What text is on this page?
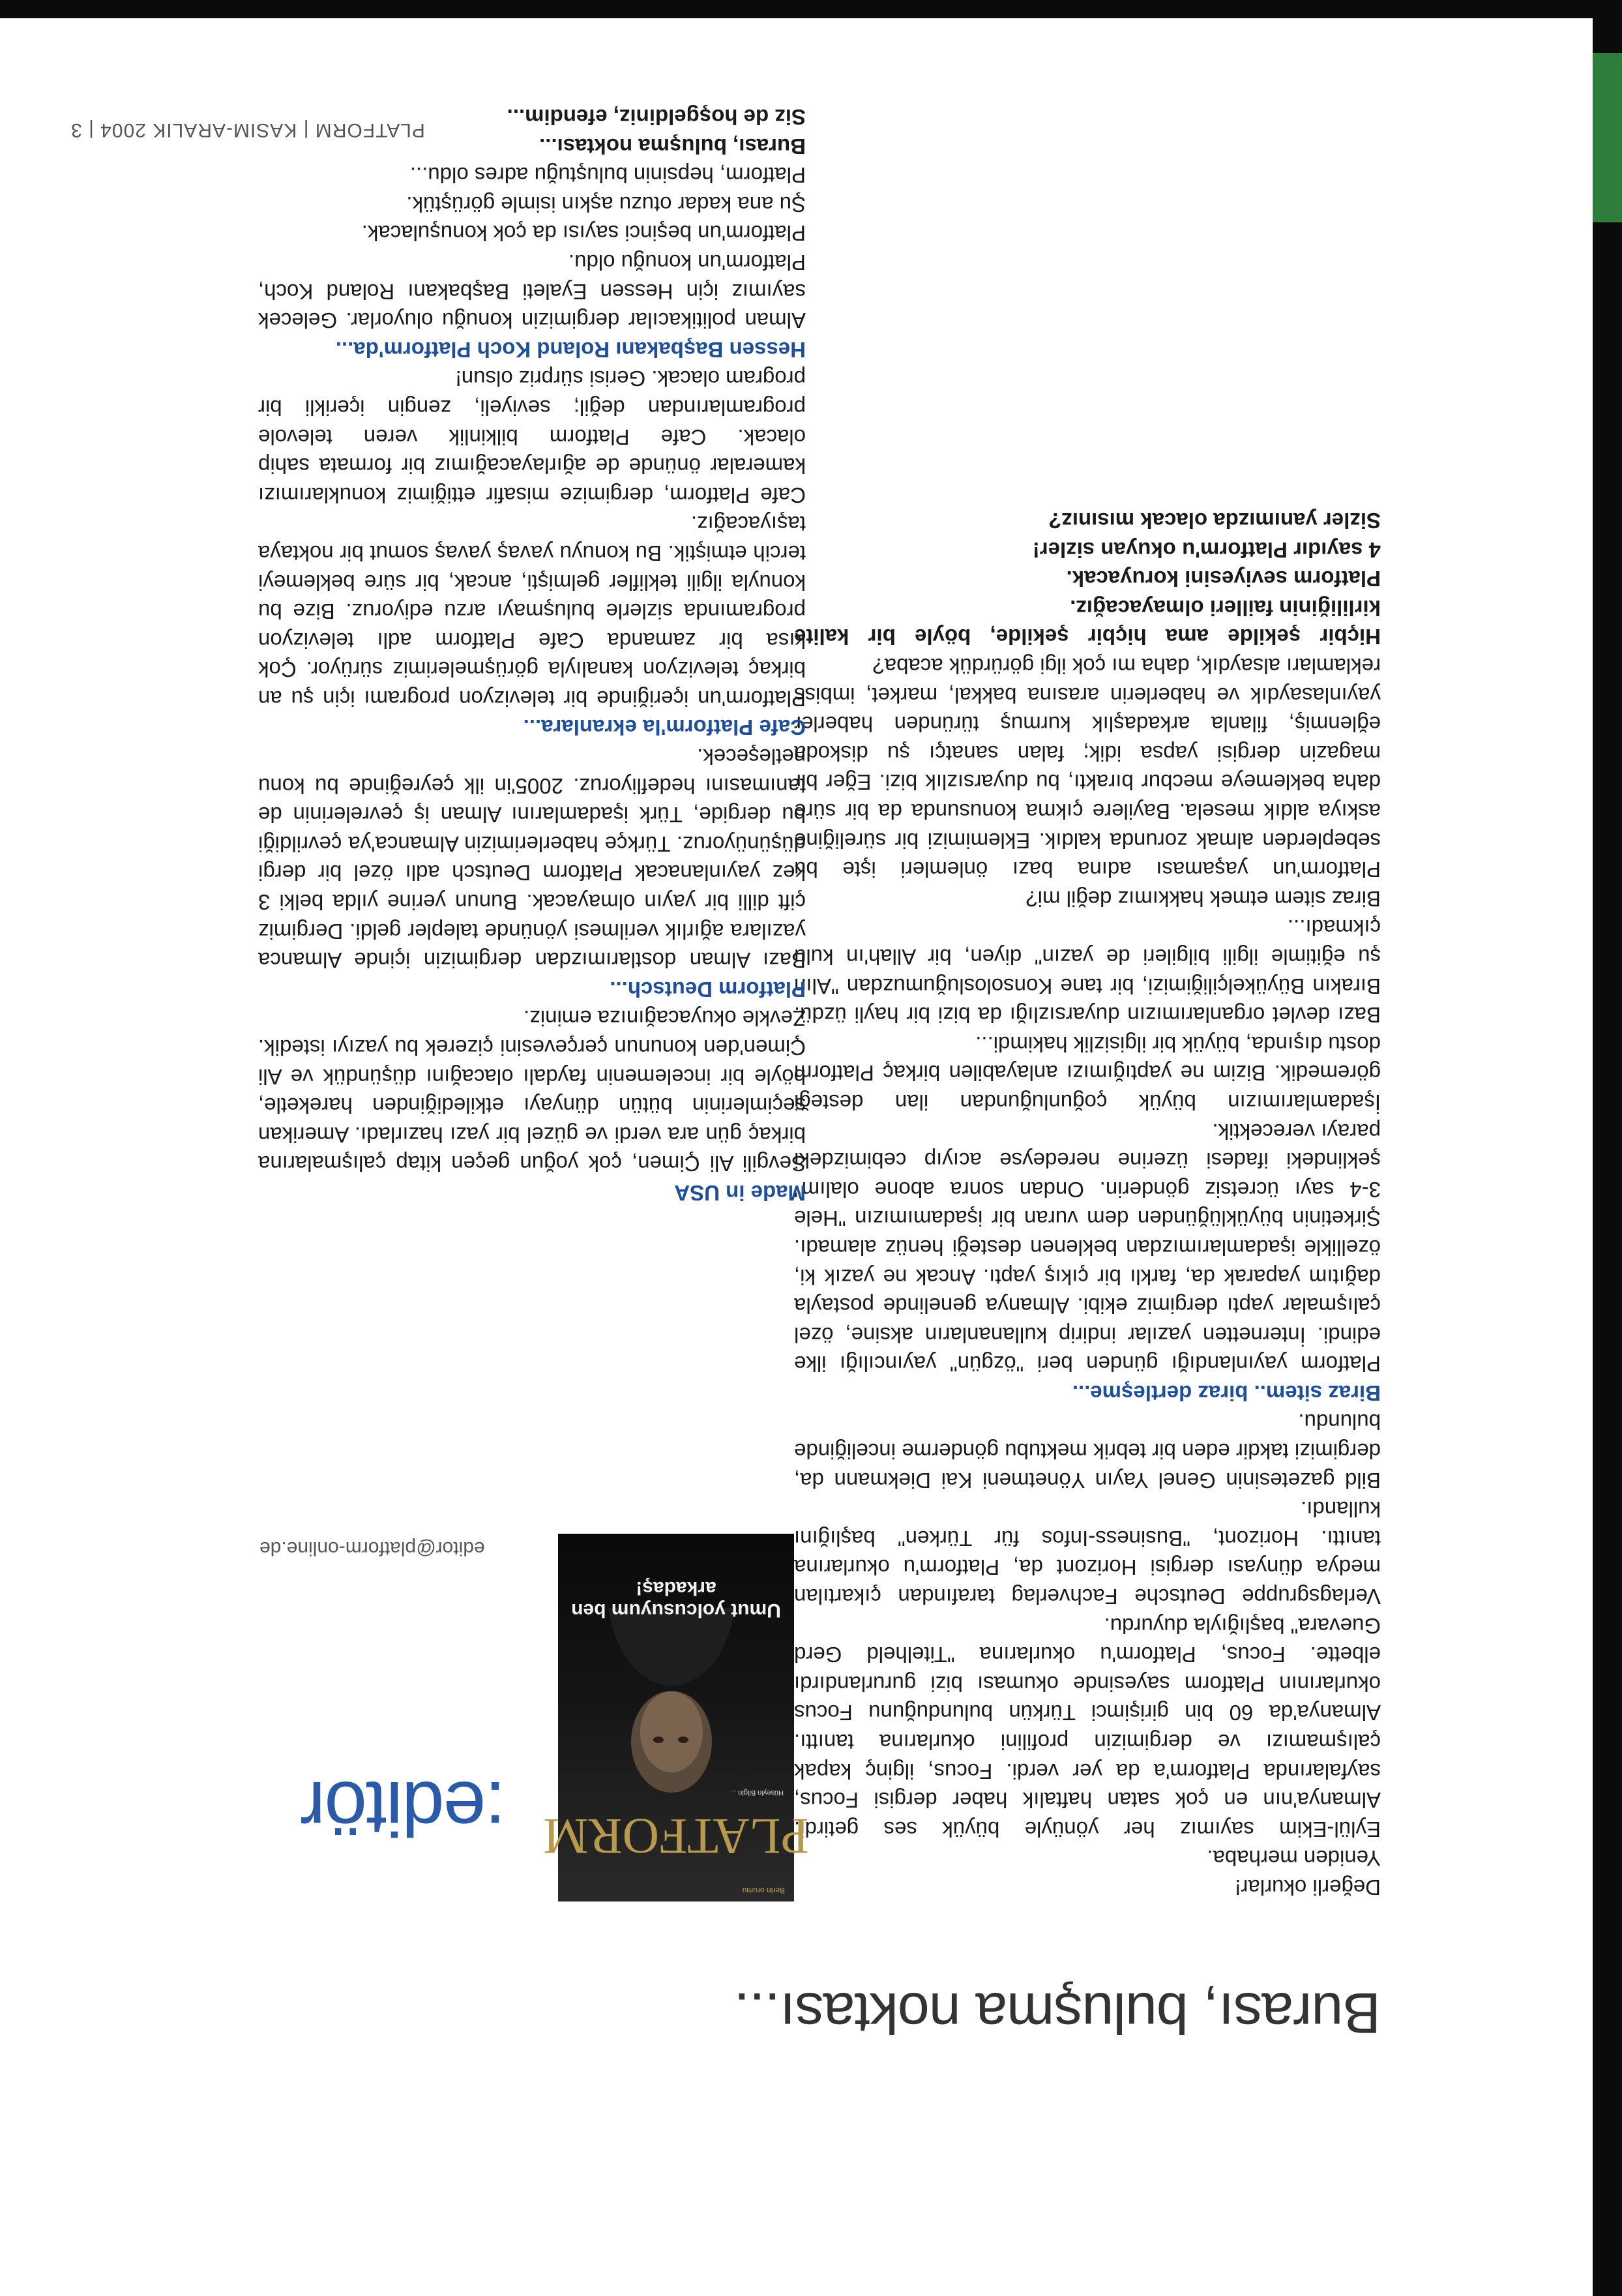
Burası, buluşma noktası...

Değerli okurlar!

Yeniden merhaba.

Eylül-Ekim sayımız her yönüyle büyük ses getirdi. Almanya'nın en çok satan haftalık haber dergisi Focus, sayfalarında Platform'a da yer verdi. Focus, ilginç kapak çalışmamızı ve dergimizin profilini okurlarına tanıttı. Almanya'da 60 bin girişimci Türkün bulunduğunu Focus okurlarının Platform sayesinde okuması bizi gururlandırdı elbette. Focus, Platform'u okurlarına "Titelheld Gerd Guevara" başlığıyla duyurdu.

Verlagsgruppe Deutsche Fachverlag tarafından çıkartılan medya dünyası dergisi Horizont da, Platform'u okurlarına tanıttı. Horizont, "Business-Infos für Türken" başlığını kullandı.

Bild gazetesinin Genel Yayın Yönetmeni Kai Diekmann da, dergimizi takdir eden bir tebrik mektubu gönderme inceliğinde bulundu.

Biraz sitem.. biraz dertleşme...

Platform yayınlandığı günden beri "özgün" yayıncılığı ilke edindi. İnternetten yazılar indirip kullananların aksine, özel çalışmalar yaptı dergimiz ekibi. Almanya genelinde postayla dağıtım yaparak da, farklı bir çıkış yaptı. Ancak ne yazık ki, özellikle işadamlarımızdan beklenen desteği henüz alamadı. Şirketinin büyüklüğünden dem vuran bir işadamımızın "Hele 3-4 sayı ücretsiz gönderin. Ondan sonra abone olalım" şeklindeki ifadesi üzerine neredeyse acıyıp cebimizdeki parayı verecektik.

İşadamlarımızın büyük çoğunluğundan ilan desteği göremedik. Bizim ne yaptığımızı anlayabilen birkaç Platform dostu dışında, büyük bir ilgisizlik hakimdi...

Bazı devlet organlarımızın duyarsızlığı da bizi bir hayli üzdü. Bırakın Büyükelçiliğimizi, bir tane Konsolosluğumuzdan "Alın şu eğitimle ilgili bilgileri de yazın" diyen, bir Allah'ın kulu çıkmadı...

Biraz sitem etmek hakkımız değil mi?

Platform'un yaşaması adına bazı önlemleri işte bu sebeplerden almak zorunda kaldık. Eklemimizi bir süreliğine askıya aldık mesela. Bayilere çıkma konusunda da bir süre daha beklemeye mecbur bıraktı, bu duyarsızlık bizi. Eğer bir magazin dergisi yapsa idik; falan sanatçı şu diskoda eğlenmiş, filanla arkadaşlık kurmuş türünden haberler yayınlasaydık ve haberlerin arasına bakkal, market, imbiss reklamları alsaydık, daha mı çok ilgi görürdük acaba?

Hiçbir şekilde ama hiçbir şekilde, böyle bir kalite kirliliğinin failleri olmayacağız.

Platform seviyesini koruyacak.

4 sayıdır Platform'u okuyan sizler!

Sizler yanımızda olacak mısınız?

Berin orumu
PLATFORM
Hüseyin Bilgin ...
Umut yolcusuyum ben arkadaş!
:editör
editor@platform-online.de

Made in USA

Sevgili Ali Çimen, çok yoğun geçen kitap çalışmalarına birkaç gün ara verdi ve güzel bir yazı hazırladı. Amerikan seçimlerinin bütün dünyayı etkilediğinden hareketle, böyle bir incelemenin faydalı olacağını düşündük ve Ali Çimen'den konunun çerçevesini çizerek bu yazıyı istedik. Zevkle okuyacağınıza eminiz.

Platform Deutsch...

Bazı Alman dostlarımızdan dergimizin içinde Almanca yazılara ağırlık verilmesi yönünde talepler geldi. Dergimiz çift dilli bir yayın olmayacak. Bunun yerine yılda belki 3 kez yayınlanacak Platform Deutsch adlı özel bir dergi düşünüyoruz. Türkçe haberlerimizin Almanca'ya çevrildiği bu dergide, Türk işadamlarını Alman iş çevrelerinin de tanımasını hedefliyoruz. 2005'in ilk çeyreğinde bu konu netleşecek.

Cafe Platform'la ekranlara...

Platform'un içeriğinde bir televizyon programı için şu an birkaç televizyon kanalıyla görüşmelerimiz sürüyor. Çok kısa bir zamanda Cafe Platform adlı televizyon programında sizlerle buluşmayı arzu ediyoruz. Bize bu konuyla ilgili teklifler gelmişti, ancak, bir süre beklemeyi tercih etmiştik. Bu konuyu yavaş yavaş somut bir noktaya taşıyacağız.

Cafe Platform, dergimize misafir ettiğimiz konuklarımızı kameralar önünde de ağırlayacağımız bir formata sahip olacak. Cafe Platform bilkinlik veren televole programlarından değil; seviyeli, zengin içerikli bir program olacak. Gerisi sürpriz olsun!

Hessen Başbakanı Roland Koch Platform'da...

Alman politikacılar dergimizin konuğu oluyorlar. Gelecek sayımız için Hessen Eyaleti Başbakanı Roland Koch, Platform'un konuğu oldu.

Platform'un beşinci sayısı da çok konuşulacak.

Şu ana kadar otuzu aşkın isimle görüştük.

Platform, hepsinin buluştuğu adres oldu...

Burası, buluşma noktası...

Siz de hoşgeldiniz, efendim...

PLATFORM | KASIM-ARALIK 2004 | 3
